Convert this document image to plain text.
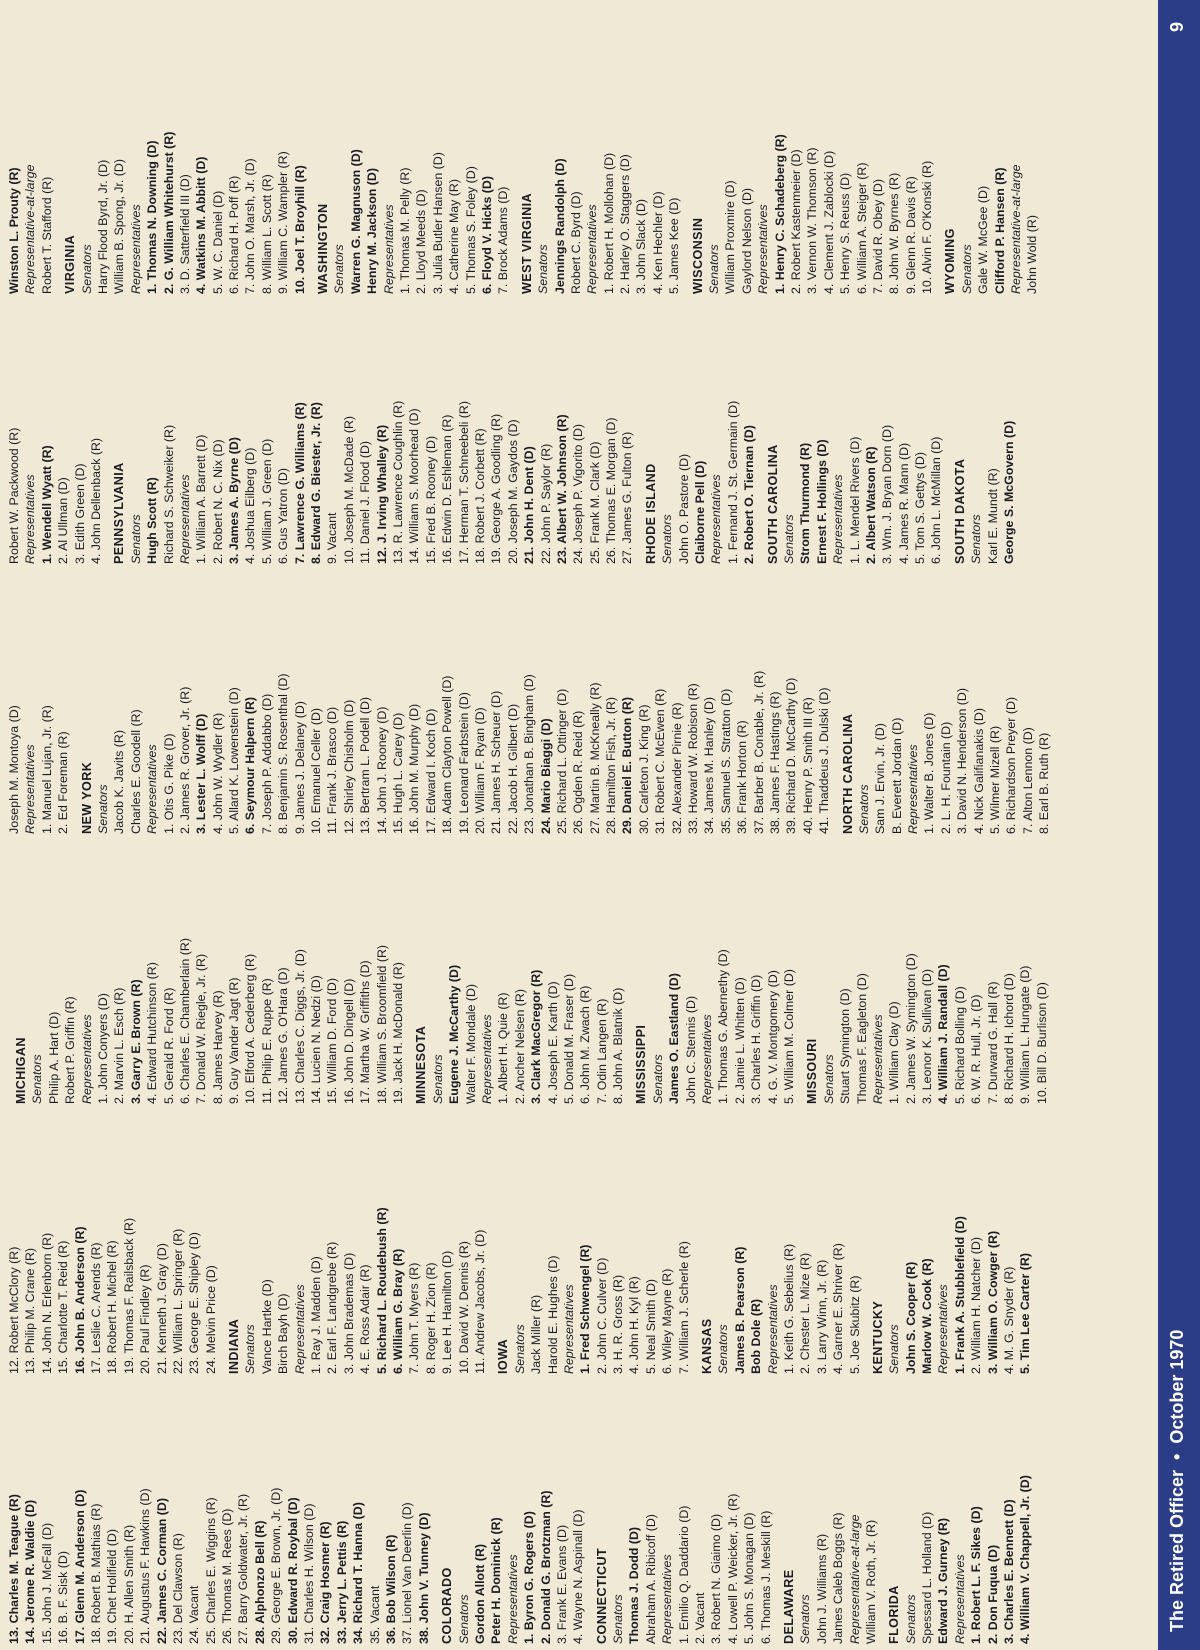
13. Charles M. Teague (R) 14. Jerome R. Waldie (D) 15. John J. McFall (D) 16. B. F. Sisk (D) 17. Glenn M. Anderson (D) 18. Robert B. Mathias (R) 19. Chet Holifield (D) 20. H. Allen Smith (R) 21. Augustus F. Hawkins (D) 22. James C. Corman (D) 23. Del Clawson (R) 24. Vacant 25. Charles E. Wiggins (R) 26. Thomas M. Rees (D) 27. Barry Goldwater, Jr. (R) 28. Alphonzo Bell (R) 29. George E. Brown, Jr. (D) 30. Edward R. Roybal (D) 31. Charles H. Wilson (D) 32. Craig Hosmer (R) 33. Jerry L. Pettis (R) 34. Richard T. Hanna (D) 35. Vacant 36. Bob Wilson (R) 37. Lionel Van Deerlin (D) 38. John V. Tunney (D) COLORADO Senators Gordon Allott (R) Peter H. Dominick (R) Representatives 1. Byron G. Rogers (D) 2. Donald G. Brotzman (R) 3. Frank E. Evans (D) 4. Wayne N. Aspinall (D) CONNECTICUT Senators Thomas J. Dodd (D) Abraham A. Ribicoff (D) Representatives 1. Emilio Q. Daddario (D) 2. Vacant 3. Robert N. Giaimo (D) 4. Lowell P. Weicker, Jr. (R) 5. John S. Monagan (D) 6. Thomas J. Meskill (R) DELAWARE Senators John J. Williams (R) James Caleb Boggs (R) Representative-at-large William V. Roth, Jr. (R) FLORIDA Senators Spessard L. Holland (D) Edward J. Gurney (R) Representatives 1. Robert L. F. Sikes (D) 2. Don Fuqua (D) 3. Charles E. Bennett (D) 4. William V. Chappell, Jr. (D)
12. Robert McClory (R) 13. Philip M. Crane (R) 14. John N. Erlenborn (R) 15. Charlotte T. Reid (R) 16. John B. Anderson (R) 17. Leslie C. Arends (R) 18. Robert H. Michel (R) 19. Thomas F. Railsback (R) 20. Paul Findley (R) 21. Kenneth J. Gray (D) 22. William L. Springer (R) 23. George E. Shipley (D) 24. Melvin Price (D) INDIANA Senators Vance Hartke (D) Birch Bayh (D) Representatives 1. Ray J. Madden (D) 2. Earl F. Landgrebe (R) 3. John Brademas (D) 4. E. Ross Adair (R) 5. Richard L. Roudebush (R) 6. William G. Bray (R) 7. John T. Myers (R) 8. Roger H. Zion (R) 9. Lee H. Hamilton (D) 10. David W. Dennis (R) 11. Andrew Jacobs, Jr. (D) IOWA Senators Jack Miller (R) Harold E. Hughes (D) Representatives 1. Fred Schwengel (R) 2. John C. Culver (D) 3. H. R. Gross (R) 4. John H. Kyl (R) 5. Neal Smith (D) 6. Wiley Mayne (R) 7. William J. Scherle (R) KANSAS Senators James B. Pearson (R) Bob Dole (R) Representatives 1. Keith G. Sebelius (R) 2. Chester L. Mize (R) 3. Larry Winn, Jr. (R) 4. Garner E. Shriver (R) 5. Joe Skubitz (R) KENTUCKY Senators John S. Cooper (R) Marlow W. Cook (R) Representatives 1. Frank A. Stubblefield (D) 2. William H. Natcher (D) 3. William O. Cowger (R) 4. M. G. Snyder (R) 5. Tim Lee Carter (R)
MICHIGAN Senators Philip A. Hart (D) Robert P. Griffin (R) Representatives 1. John Conyers (D) 2. Marvin L. Esch (R) 3. Garry E. Brown (R) 4. Edward Hutchinson (R) 5. Gerald R. Ford (R) 6. Charles E. Chamberlain (R) 7. Donald W. Riegle, Jr. (R) 8. James Harvey (R) 9. Guy Vander Jagt (R) 10. Elford A. Cederberg (R) 11. Philip E. Ruppe (R) 12. James G. O'Hara (D) 13. Charles C. Diggs, Jr. (D) 14. Lucien N. Nedzi (D) 15. William D. Ford (D) 16. John D. Dingell (D) 17. Martha W. Griffiths (D) 18. William S. Broomfield (R) 19. Jack H. McDonald (R) MINNESOTA Senators Eugene J. McCarthy (D) Walter F. Mondale (D) Representatives 1. Albert H. Quie (R) 2. Ancher Nelsen (R) 3. Clark MacGregor (R) 4. Joseph E. Karth (D) 5. Donald M. Fraser (D) 6. John M. Zwach (R) 7. Odin Langen (R) 8. John A. Blatnik (D) MISSISSIPPI Senators James O. Eastland (D) John C. Stennis (D) Representatives 1. Thomas G. Abernethy (D) 2. Jamie L. Whitten (D) 3. Charles H. Griffin (D) 4. G. V. Montgomery (D) 5. William M. Colmer (D) MISSOURI Senators Stuart Symington (D) Thomas F. Eagleton (D) Representatives 1. William Clay (D) 2. James W. Symington (D) 3. Leonor K. Sullivan (D) 4. William J. Randall (D) 5. Richard Bolling (D) 6. W. R. Hull, Jr. (D) 7. Durward G. Hall (R) 8. Richard H. Ichord (D) 9. William L. Hungate (D) 10. Bill D. Burlison (D)
Joseph M. Montoya (D) Representatives 1. Manuel Lujan, Jr. (R) 2. Ed Foreman (R) NEW YORK Senators Jacob K. Javits (R) Charles E. Goodell (R) Representatives 1. Otis G. Pike (D) 2. James R. Grover, Jr. (R) 3. Lester L. Wolff (D) 4. John W. Wydler (R) 5. Allard K. Lowenstein (D) 6. Seymour Halpern (R) 7. Joseph P. Addabbo (D) 8. Benjamin S. Rosenthal (D) 9. James J. Delaney (D) 10. Emanuel Celler (D) 11. Frank J. Brasco (D) 12. Shirley Chisholm (D) 13. Bertram L. Podell (D) 14. John J. Rooney (D) 15. Hugh L. Carey (D) 16. John M. Murphy (D) 17. Edward I. Koch (D) 18. Adam Clayton Powell (D) 19. Leonard Farbstein (D) 20. William F. Ryan (D) 21. James H. Scheuer (D) 22. Jacob H. Gilbert (D) 23. Jonathan B. Bingham (D) 24. Mario Biaggi (D) 25. Richard L. Ottinger (D) 26. Ogden R. Reid (R) 27. Martin B. McKneally (R) 28. Hamilton Fish, Jr. (R) 29. Daniel E. Button (R) 30. Carleton J. King (R) 31. Robert C. McEwen (R) 32. Alexander Pirnie (R) 33. Howard W. Robison (R) 34. James M. Hanley (D) 35. Samuel S. Stratton (D) 36. Frank Horton (R) 37. Barber B. Conable, Jr. (R) 38. James F. Hastings (R) 39. Richard D. McCarthy (D) 40. Henry P. Smith III (R) 41. Thaddeus J. Dulski (D) NORTH CAROLINA Senators Sam J. Ervin, Jr. (D) B. Everett Jordan (D) Representatives 1. Walter B. Jones (D) 2. L. H. Fountain (D) 3. David N. Henderson (D) 4. Nick Galifianakis (D) 5. Wilmer Mizell (R) 6. Richardson Preyer (D) 7. Alton Lennon (D) 8. Earl B. Ruth (R)
Robert W. Packwood (R) Representatives 1. Wendell Wyatt (R) 2. Al Ullman (D) 3. Edith Green (D) 4. John Dellenback (R) PENNSYLVANIA Senators Hugh Scott (R) Richard S. Schweiker (R) Representatives 1. William A. Barrett (D) 2. Robert N. C. Nix (D) 3. James A. Byrne (D) 4. Joshua Eilberg (D) 5. William J. Green (D) 6. Gus Yatron (D) 7. Lawrence G. Williams (R) 8. Edward G. Biester, Jr. (R) 9. Vacant 10. Joseph M. McDade (R) 11. Daniel J. Flood (D) 12. J. Irving Whalley (R) 13. R. Lawrence Coughlin (R) 14. William S. Moorhead (D) 15. Fred B. Rooney (D) 16. Edwin D. Eshleman (R) 17. Herman T. Schneebeli (R) 18. Robert J. Corbett (R) 19. George A. Goodling (R) 20. Joseph M. Gaydos (D) 21. John H. Dent (D) 22. John P. Saylor (R) 23. Albert W. Johnson (R) 24. Joseph P. Vigorito (D) 25. Frank M. Clark (D) 26. Thomas E. Morgan (D) 27. James G. Fulton (R) RHODE ISLAND Senators John O. Pastore (D) Claiborne Pell (D) Representatives 1. Fernand J. St. Germain (D) 2. Robert O. Tiernan (D) SOUTH CAROLINA Senators Strom Thurmond (R) Ernest F. Hollings (D) Representatives 1. L. Mendel Rivers (D) 2. Albert Watson (R) 3. Wm. J. Bryan Dorn (D) 4. James R. Mann (D) 5. Tom S. Gettys (D) 6. John L. McMillan (D) SOUTH DAKOTA Senators Karl E. Mundt (R) George S. McGovern (D)
Winston L. Prouty (R) Representative-at-large Robert T. Stafford (R) VIRGINIA Senators Harry Flood Byrd, Jr. (D) William B. Spong, Jr. (D) Representatives 1. Thomas N. Downing (D) 2. G. William Whitehurst (R) 3. D. Satterfield III (D) 4. Watkins M. Abbitt (D) 5. W. C. Daniel (D) 6. Richard H. Poff (R) 7. John O. Marsh, Jr. (D) 8. William L. Scott (R) 9. William C. Wampler (R) 10. Joel T. Broyhill (R) WASHINGTON Senators Warren G. Magnuson (D) Henry M. Jackson (D) Representatives 1. Thomas M. Pelly (R) 2. Lloyd Meeds (D) 3. Julia Butler Hansen (D) 4. Catherine May (R) 5. Thomas S. Foley (D) 6. Floyd V. Hicks (D) 7. Brock Adams (D) WEST VIRGINIA Senators Jennings Randolph (D) Robert C. Byrd (D) Representatives 1. Robert H. Mollohan (D) 2. Harley O. Staggers (D) 3. John Slack (D) 4. Ken Hechler (D) 5. James Kee (D) WISCONSIN Senators William Proxmire (D) Gaylord Nelson (D) Representatives 1. Henry C. Schadeberg (R) 2. Robert Kastenmeier (D) 3. Vernon W. Thomson (R) 4. Clement J. Zablocki (D) 5. Henry S. Reuss (D) 6. William A. Steiger (R) 7. David R. Obey (D) 8. John W. Byrnes (R) 9. Glenn R. Davis (R) 10. Alvin F. O'Konski (R) WYOMING Senators Gale W. McGee (D) Clifford P. Hansen (R) Representative-at-large John Wold (R)
The Retired Officer•October 1970
9
